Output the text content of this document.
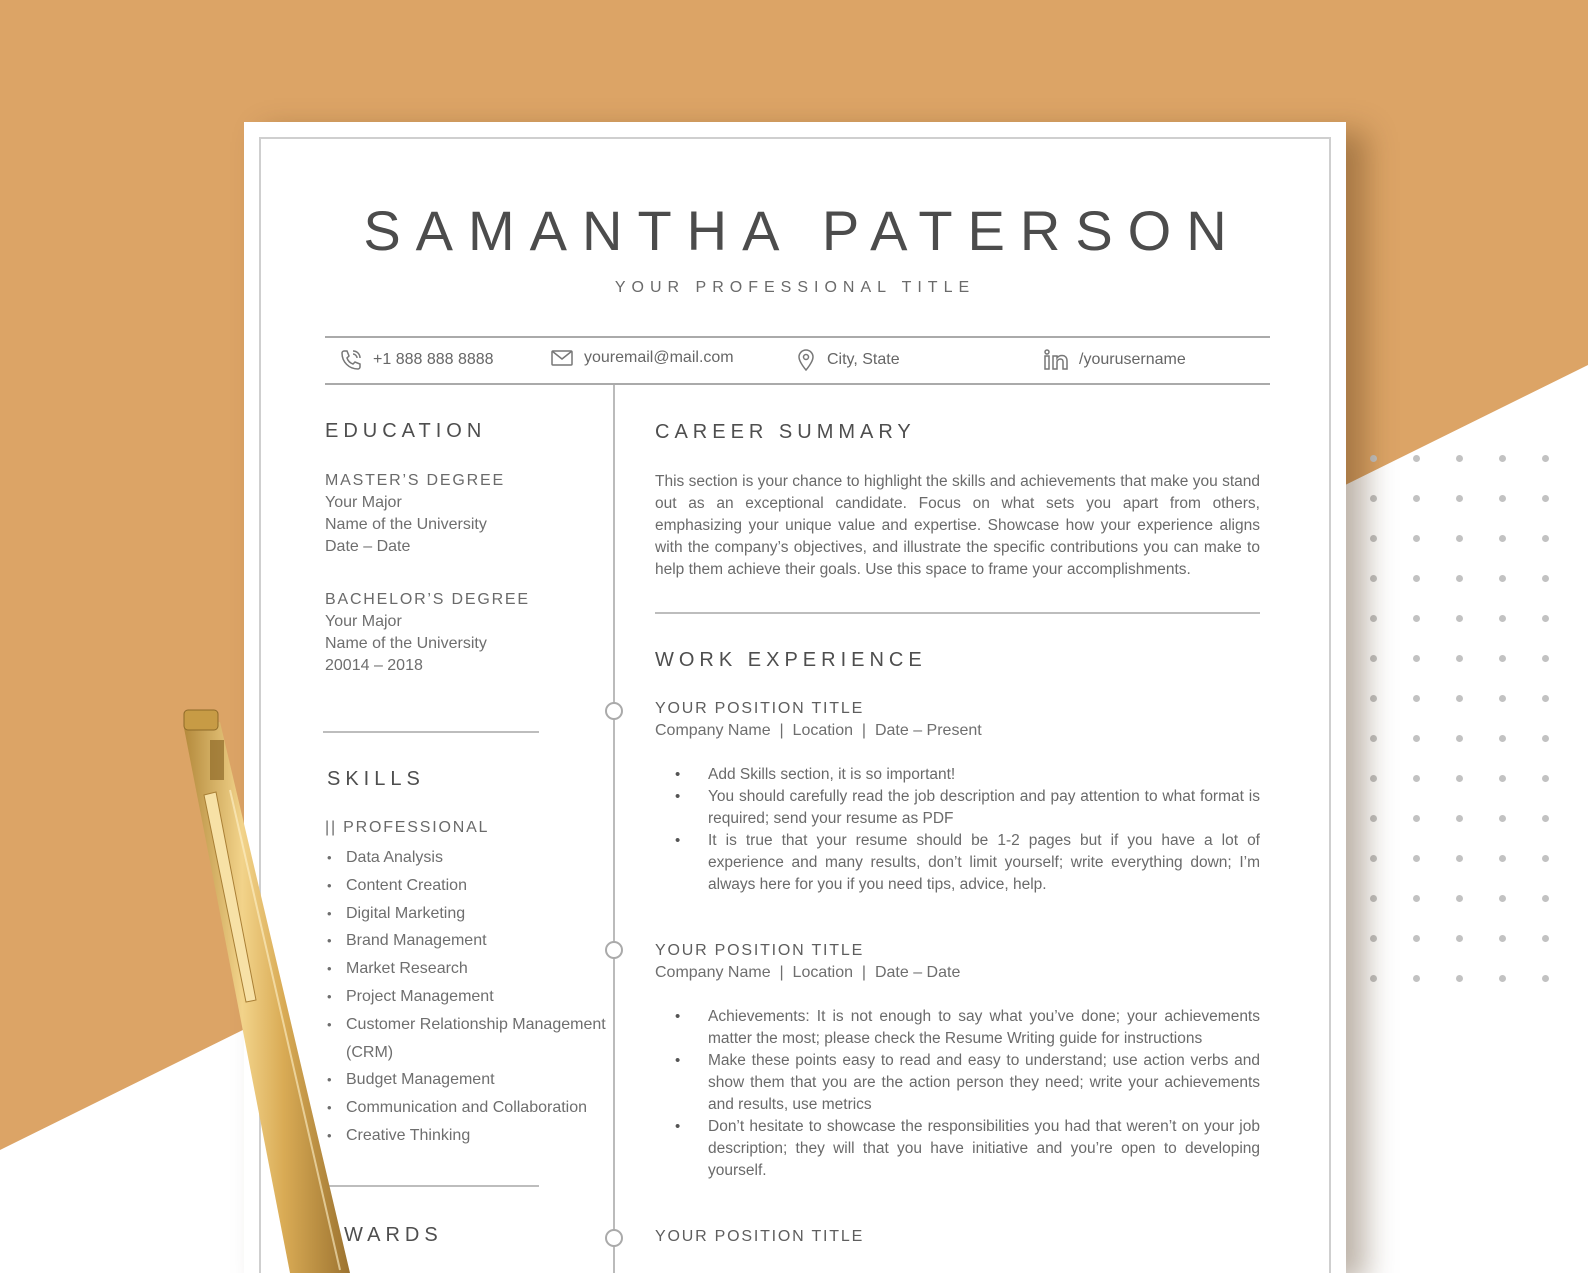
SAMANTHA PATERSON
YOUR PROFESSIONAL TITLE
+1 888 888 8888	youremail@mail.com	City, State	/yourusername
EDUCATION
MASTER’S DEGREE
Your Major
Name of the University
Date – Date
BACHELOR’S DEGREE
Your Major
Name of the University
20014 – 2018
SKILLS
|| PROFESSIONAL
• Data Analysis
• Content Creation
• Digital Marketing
• Brand Management
• Market Research
• Project Management
• Customer Relationship Management (CRM)
• Budget Management
• Communication and Collaboration
• Creative Thinking
WARDS
CAREER SUMMARY

This section is your chance to highlight the skills and achievements that make you stand out as an exceptional candidate. Focus on what sets you apart from others, emphasizing your unique value and expertise. Showcase how your experience aligns with the company’s objectives, and illustrate the specific contributions you can make to help them achieve their goals. Use this space to frame your accomplishments.

WORK EXPERIENCE
YOUR POSITION TITLE
Company Name  |  Location  |  Date – Present
• Add Skills section, it is so important!
• You should carefully read the job description and pay attention to what format is required; send your resume as PDF
• It is true that your resume should be 1-2 pages but if you have a lot of experience and many results, don’t limit yourself; write everything down; I’m always here for you if you need tips, advice, help.
YOUR POSITION TITLE
Company Name  |  Location  |  Date – Date
• Achievements: It is not enough to say what you’ve done; your achievements matter the most; please check the Resume Writing guide for instructions
• Make these points easy to read and easy to understand; use action verbs and show them that you are the action person they need; write your achievements and results, use metrics
• Don’t hesitate to showcase the responsibilities you had that weren’t on your job description; they will that you have initiative and you’re open to developing yourself.
YOUR POSITION TITLE
